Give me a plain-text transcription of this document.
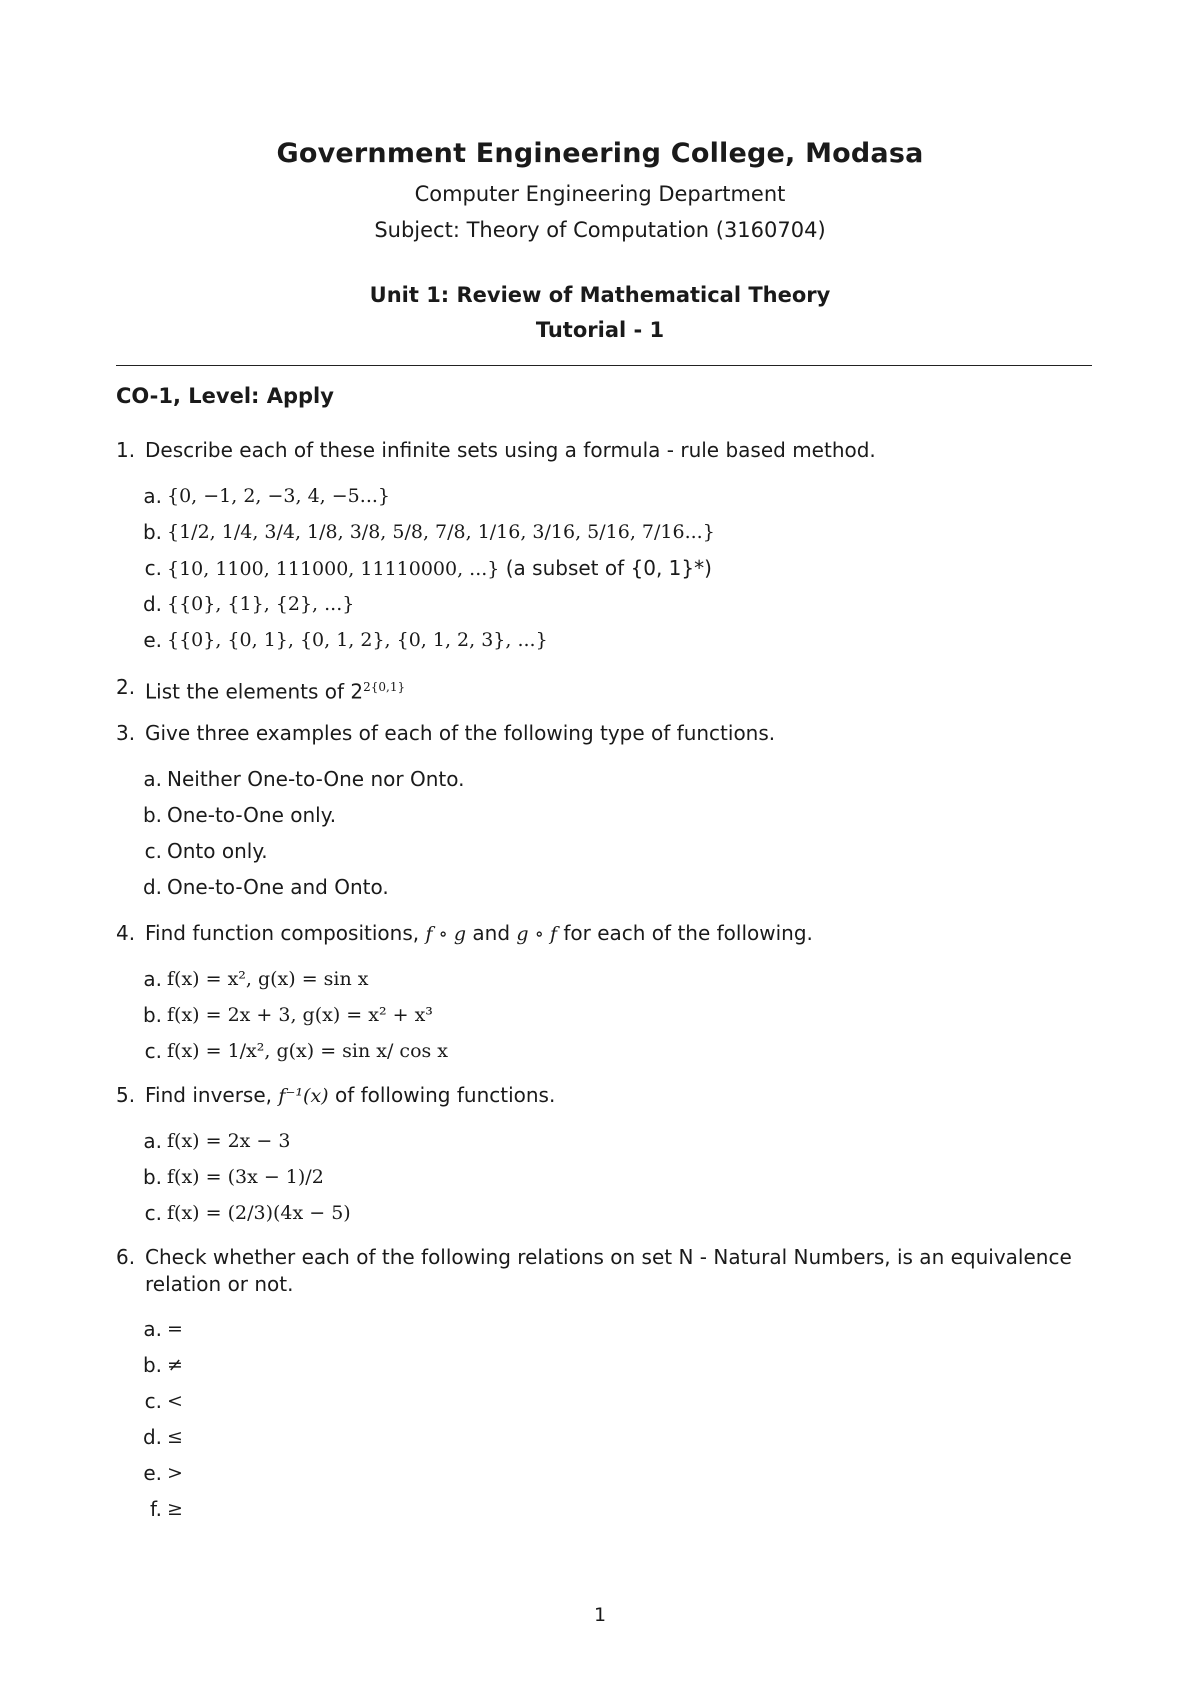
Government Engineering College, Modasa
Computer Engineering Department
Subject: Theory of Computation (3160704)
Unit 1: Review of Mathematical Theory
Tutorial - 1
CO-1, Level: Apply
1. Describe each of these infinite sets using a formula - rule based method.
a. {0, −1, 2, −3, 4, −5...}
b. {1/2, 1/4, 3/4, 1/8, 3/8, 5/8, 7/8, 1/16, 3/16, 5/16, 7/16...}
c. {10, 1100, 111000, 11110000, ...} (a subset of {0, 1}*)
d. {{0}, {1}, {2}, ...}
e. {{0}, {0, 1}, {0, 1, 2}, {0, 1, 2, 3}, ...}
2. List the elements of $2^{2\{0,1\}}$
3. Give three examples of each of the following type of functions.
a. Neither One-to-One nor Onto.
b. One-to-One only.
c. Onto only.
d. One-to-One and Onto.
4. Find function compositions, f ∘ g and g ∘ f for each of the following.
a. f(x) = x², g(x) = sin x
b. f(x) = 2x + 3, g(x) = x² + x³
c. f(x) = 1/x², g(x) = sin x/ cos x
5. Find inverse, f⁻¹(x) of following functions.
a. f(x) = 2x − 3
b. f(x) = (3x − 1)/2
c. f(x) = (2/3)(4x − 5)
6. Check whether each of the following relations on set N - Natural Numbers, is an equivalence relation or not.
a. =
b. ≠
c. <
d. ≤
e. >
f. ≥
1
